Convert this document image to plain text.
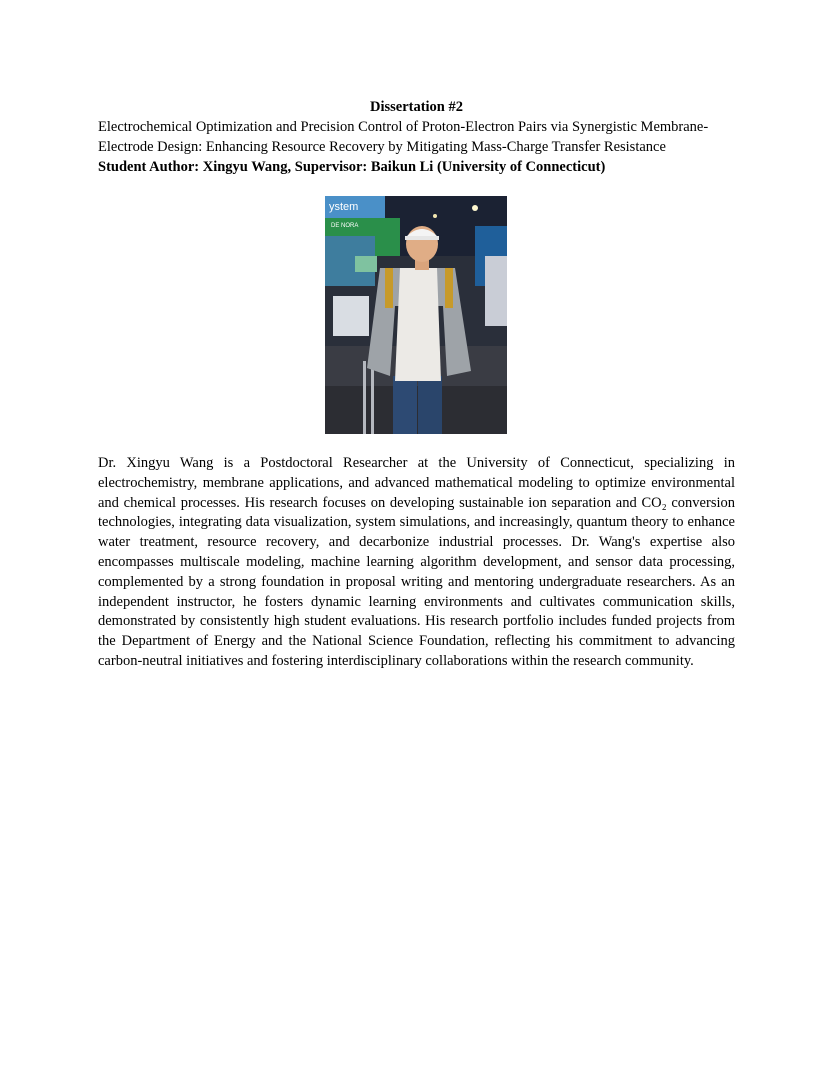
Dissertation #2

Electrochemical Optimization and Precision Control of Proton-Electron Pairs via Synergistic Membrane-Electrode Design: Enhancing Resource Recovery by Mitigating Mass-Charge Transfer Resistance

Student Author: Xingyu Wang, Supervisor: Baikun Li (University of Connecticut)

ystem
DE NORA

Dr. Xingyu Wang is a Postdoctoral Researcher at the University of Connecticut, specializing in electrochemistry, membrane applications, and advanced mathematical modeling to optimize environmental and chemical processes. His research focuses on developing sustainable ion separation and CO₂ conversion technologies, integrating data visualization, system simulations, and increasingly, quantum theory to enhance water treatment, resource recovery, and decarbonize industrial processes. Dr. Wang's expertise also encompasses multiscale modeling, machine learning algorithm development, and sensor data processing, complemented by a strong foundation in proposal writing and mentoring undergraduate researchers. As an independent instructor, he fosters dynamic learning environments and cultivates communication skills, demonstrated by consistently high student evaluations. His research portfolio includes funded projects from the Department of Energy and the National Science Foundation, reflecting his commitment to advancing carbon-neutral initiatives and fostering interdisciplinary collaborations within the research community.
